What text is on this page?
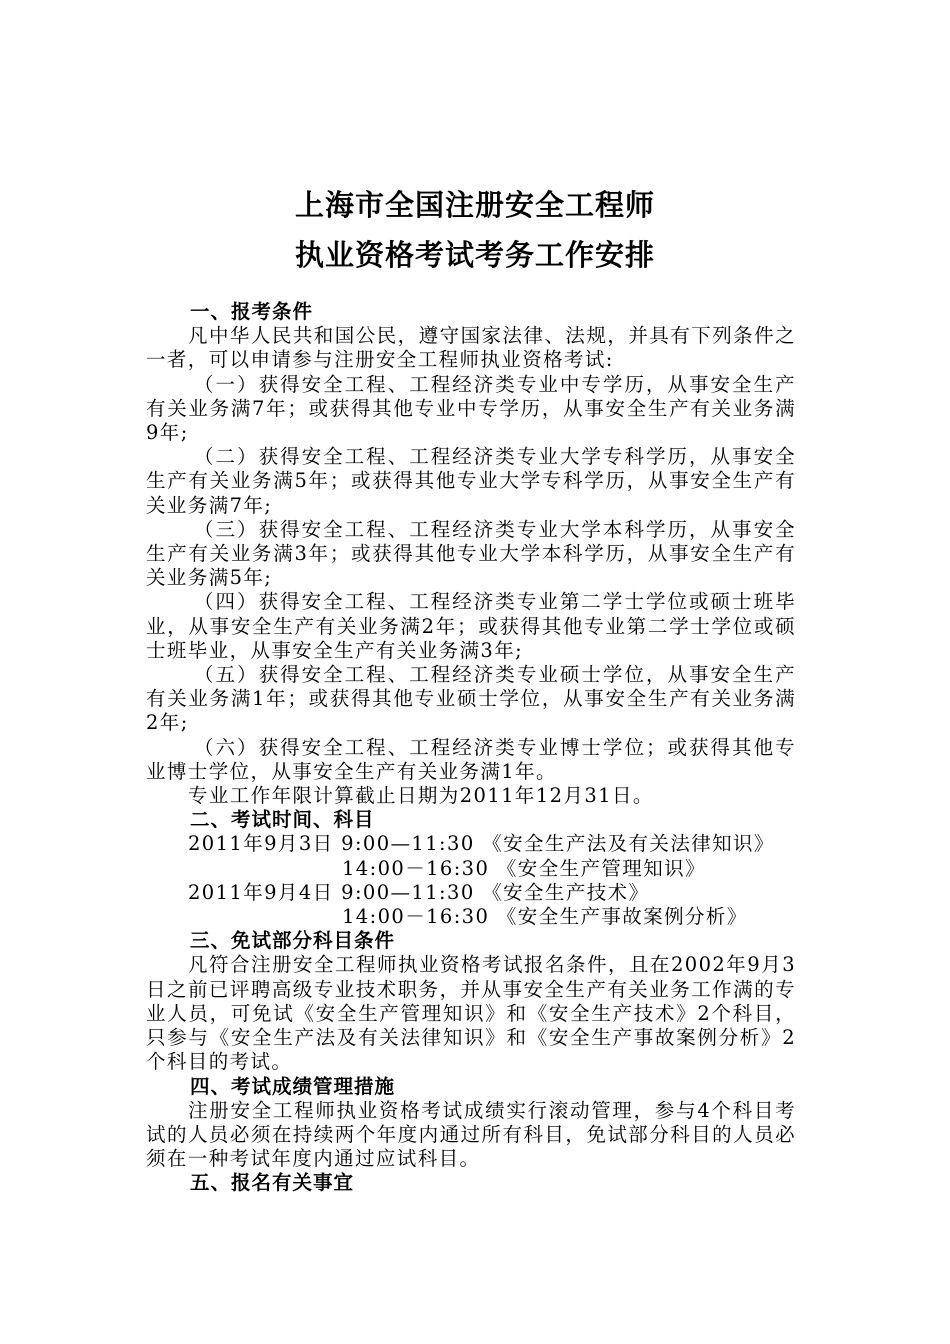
上海市全国注册安全工程师
执业资格考试考务工作安排

一、报考条件

凡中华人民共和国公民，遵守国家法律、法规，并具有下列条件之一者，可以申请参与注册安全工程师执业资格考试:

（一）获得安全工程、工程经济类专业中专学历，从事安全生产有关业务满7年；或获得其他专业中专学历，从事安全生产有关业务满9年;

（二）获得安全工程、工程经济类专业大学专科学历，从事安全生产有关业务满5年；或获得其他专业大学专科学历，从事安全生产有关业务满7年;

（三）获得安全工程、工程经济类专业大学本科学历，从事安全生产有关业务满3年；或获得其他专业大学本科学历，从事安全生产有关业务满5年;

（四）获得安全工程、工程经济类专业第二学士学位或硕士班毕业，从事安全生产有关业务满2年；或获得其他专业第二学士学位或硕士班毕业，从事安全生产有关业务满3年;

（五）获得安全工程、工程经济类专业硕士学位，从事安全生产有关业务满1年；或获得其他专业硕士学位，从事安全生产有关业务满2年;

（六）获得安全工程、工程经济类专业博士学位；或获得其他专业博士学位，从事安全生产有关业务满1年。

专业工作年限计算截止日期为2011年12月31日。

二、考试时间、科目

2011年9月3日 9:00—11:30 《安全生产法及有关法律知识》

14:00－16:30 《安全生产管理知识》

2011年9月4日 9:00—11:30 《安全生产技术》

14:00－16:30 《安全生产事故案例分析》

三、免试部分科目条件

凡符合注册安全工程师执业资格考试报名条件，且在2002年9月3日之前已评聘高级专业技术职务，并从事安全生产有关业务工作满的专业人员，可免试《安全生产管理知识》和《安全生产技术》2个科目，只参与《安全生产法及有关法律知识》和《安全生产事故案例分析》2个科目的考试。

四、考试成绩管理措施

注册安全工程师执业资格考试成绩实行滚动管理，参与4个科目考试的人员必须在持续两个年度内通过所有科目，免试部分科目的人员必须在一种考试年度内通过应试科目。

五、报名有关事宜
